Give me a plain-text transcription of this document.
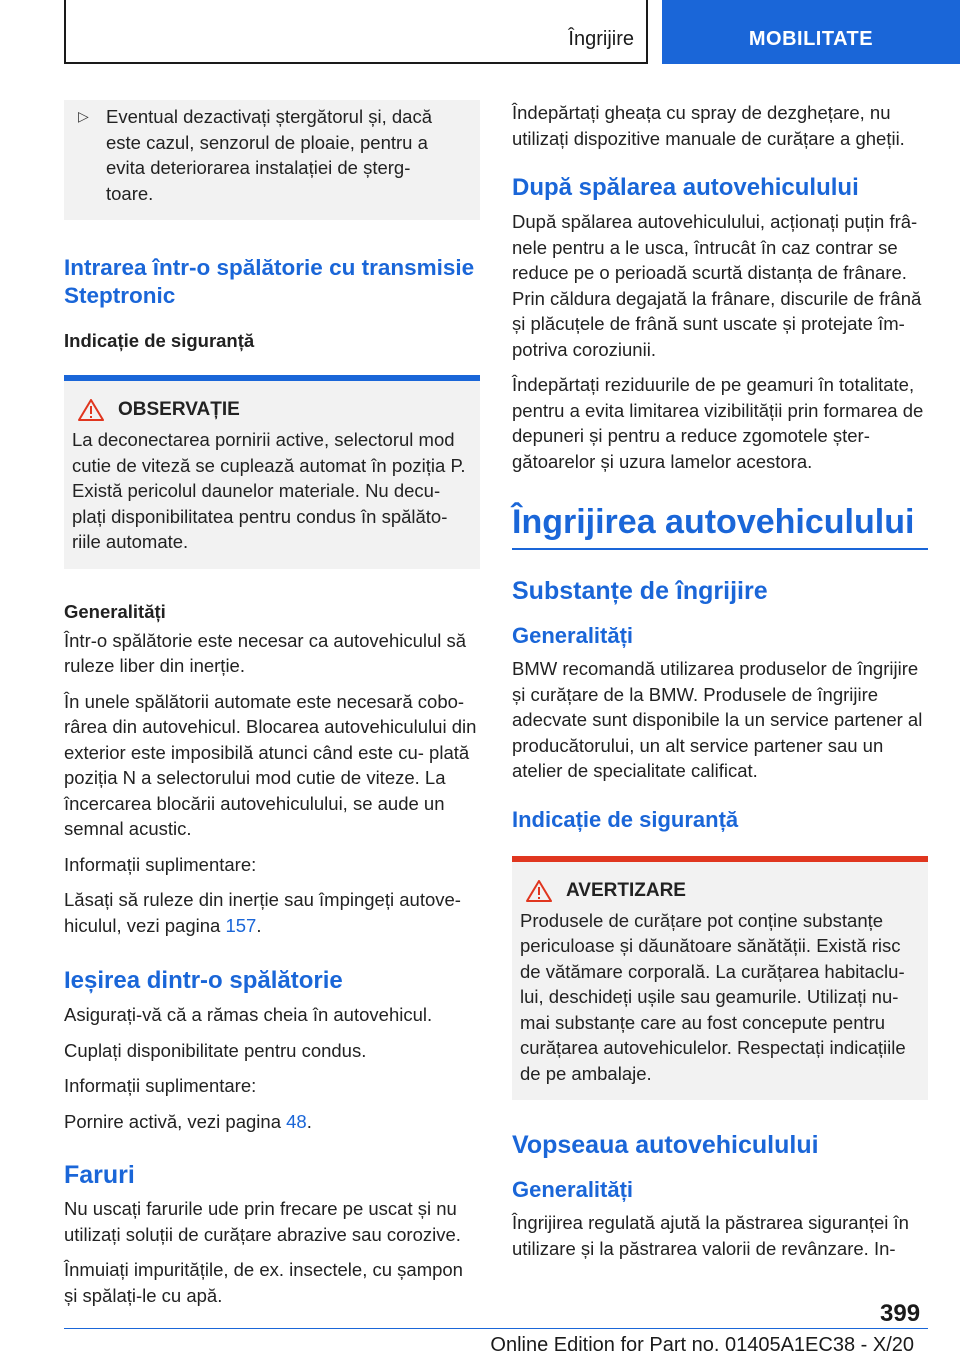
Îngrijire	MOBILITATE
▷ Eventual dezactivați ștergătorul și, dacă este cazul, senzorul de ploaie, pentru a evita deteriorarea instalației de șterg- toare.
Intrarea într-o spălătorie cu transmisie Steptronic
Indicație de siguranță
OBSERVAȚIE

La deconectarea pornirii active, selectorul mod cutie de viteză se cuplează automat în poziția P. Există pericolul daunelor materiale. Nu decu- plați disponibilitatea pentru condus în spălăto- riile automate.

Generalități

Într-o spălătorie este necesar ca autovehiculul să ruleze liber din inerție.

În unele spălătorii automate este necesară cobo- rârea din autovehicul. Blocarea autovehiculului din exterior este imposibilă atunci când este cu- plată poziția N a selectorului mod cutie de viteze. La încercarea blocării autovehiculului, se aude un semnal acustic.

Informații suplimentare:

Lăsați să ruleze din inerție sau împingeți autove- hiculul, vezi pagina 157.

Ieșirea dintr-o spălătorie

Asigurați-vă că a rămas cheia în autovehicul.

Cuplați disponibilitate pentru condus.

Informații suplimentare:

Pornire activă, vezi pagina 48.

Faruri

Nu uscați farurile ude prin frecare pe uscat și nu utilizați soluții de curățare abrazive sau corozive.

Înmuiați impuritățile, de ex. insectele, cu șampon și spălați-le cu apă.

Îndepărtați gheața cu spray de dezghețare, nu utilizați dispozitive manuale de curățare a gheții.

După spălarea autovehiculului

După spălarea autovehiculului, acționați puțin frâ- nele pentru a le usca, întrucât în caz contrar se reduce pe o perioadă scurtă distanța de frânare. Prin căldura degajată la frânare, discurile de frână și plăcuțele de frână sunt uscate și protejate îm- potriva coroziunii.

Îndepărtați reziduurile de pe geamuri în totalitate, pentru a evita limitarea vizibilității prin formarea de depuneri și pentru a reduce zgomotele șter- gătoarelor și uzura lamelor acestora.

Îngrijirea autovehiculului
Substanțe de îngrijire
Generalități

BMW recomandă utilizarea produselor de îngrijire și curățare de la BMW. Produsele de îngrijire adecvate sunt disponibile la un service partener al producătorului, un alt service partener sau un atelier de specialitate calificat.

Indicație de siguranță
AVERTIZARE

Produsele de curățare pot conține substanțe periculoase și dăunătoare sănătății. Există risc de vătămare corporală. La curățarea habitaclu- lui, deschideți ușile sau geamurile. Utilizați nu- mai substanțe care au fost concepute pentru curățarea autovehiculelor. Respectați indicațiile de pe ambalaje.

Vopseaua autovehiculului
Generalități

Îngrijirea regulată ajută la păstrarea siguranței în utilizare și la păstrarea valorii de revânzare. In-

399
Online Edition for Part no. 01405A1EC38 - X/20
